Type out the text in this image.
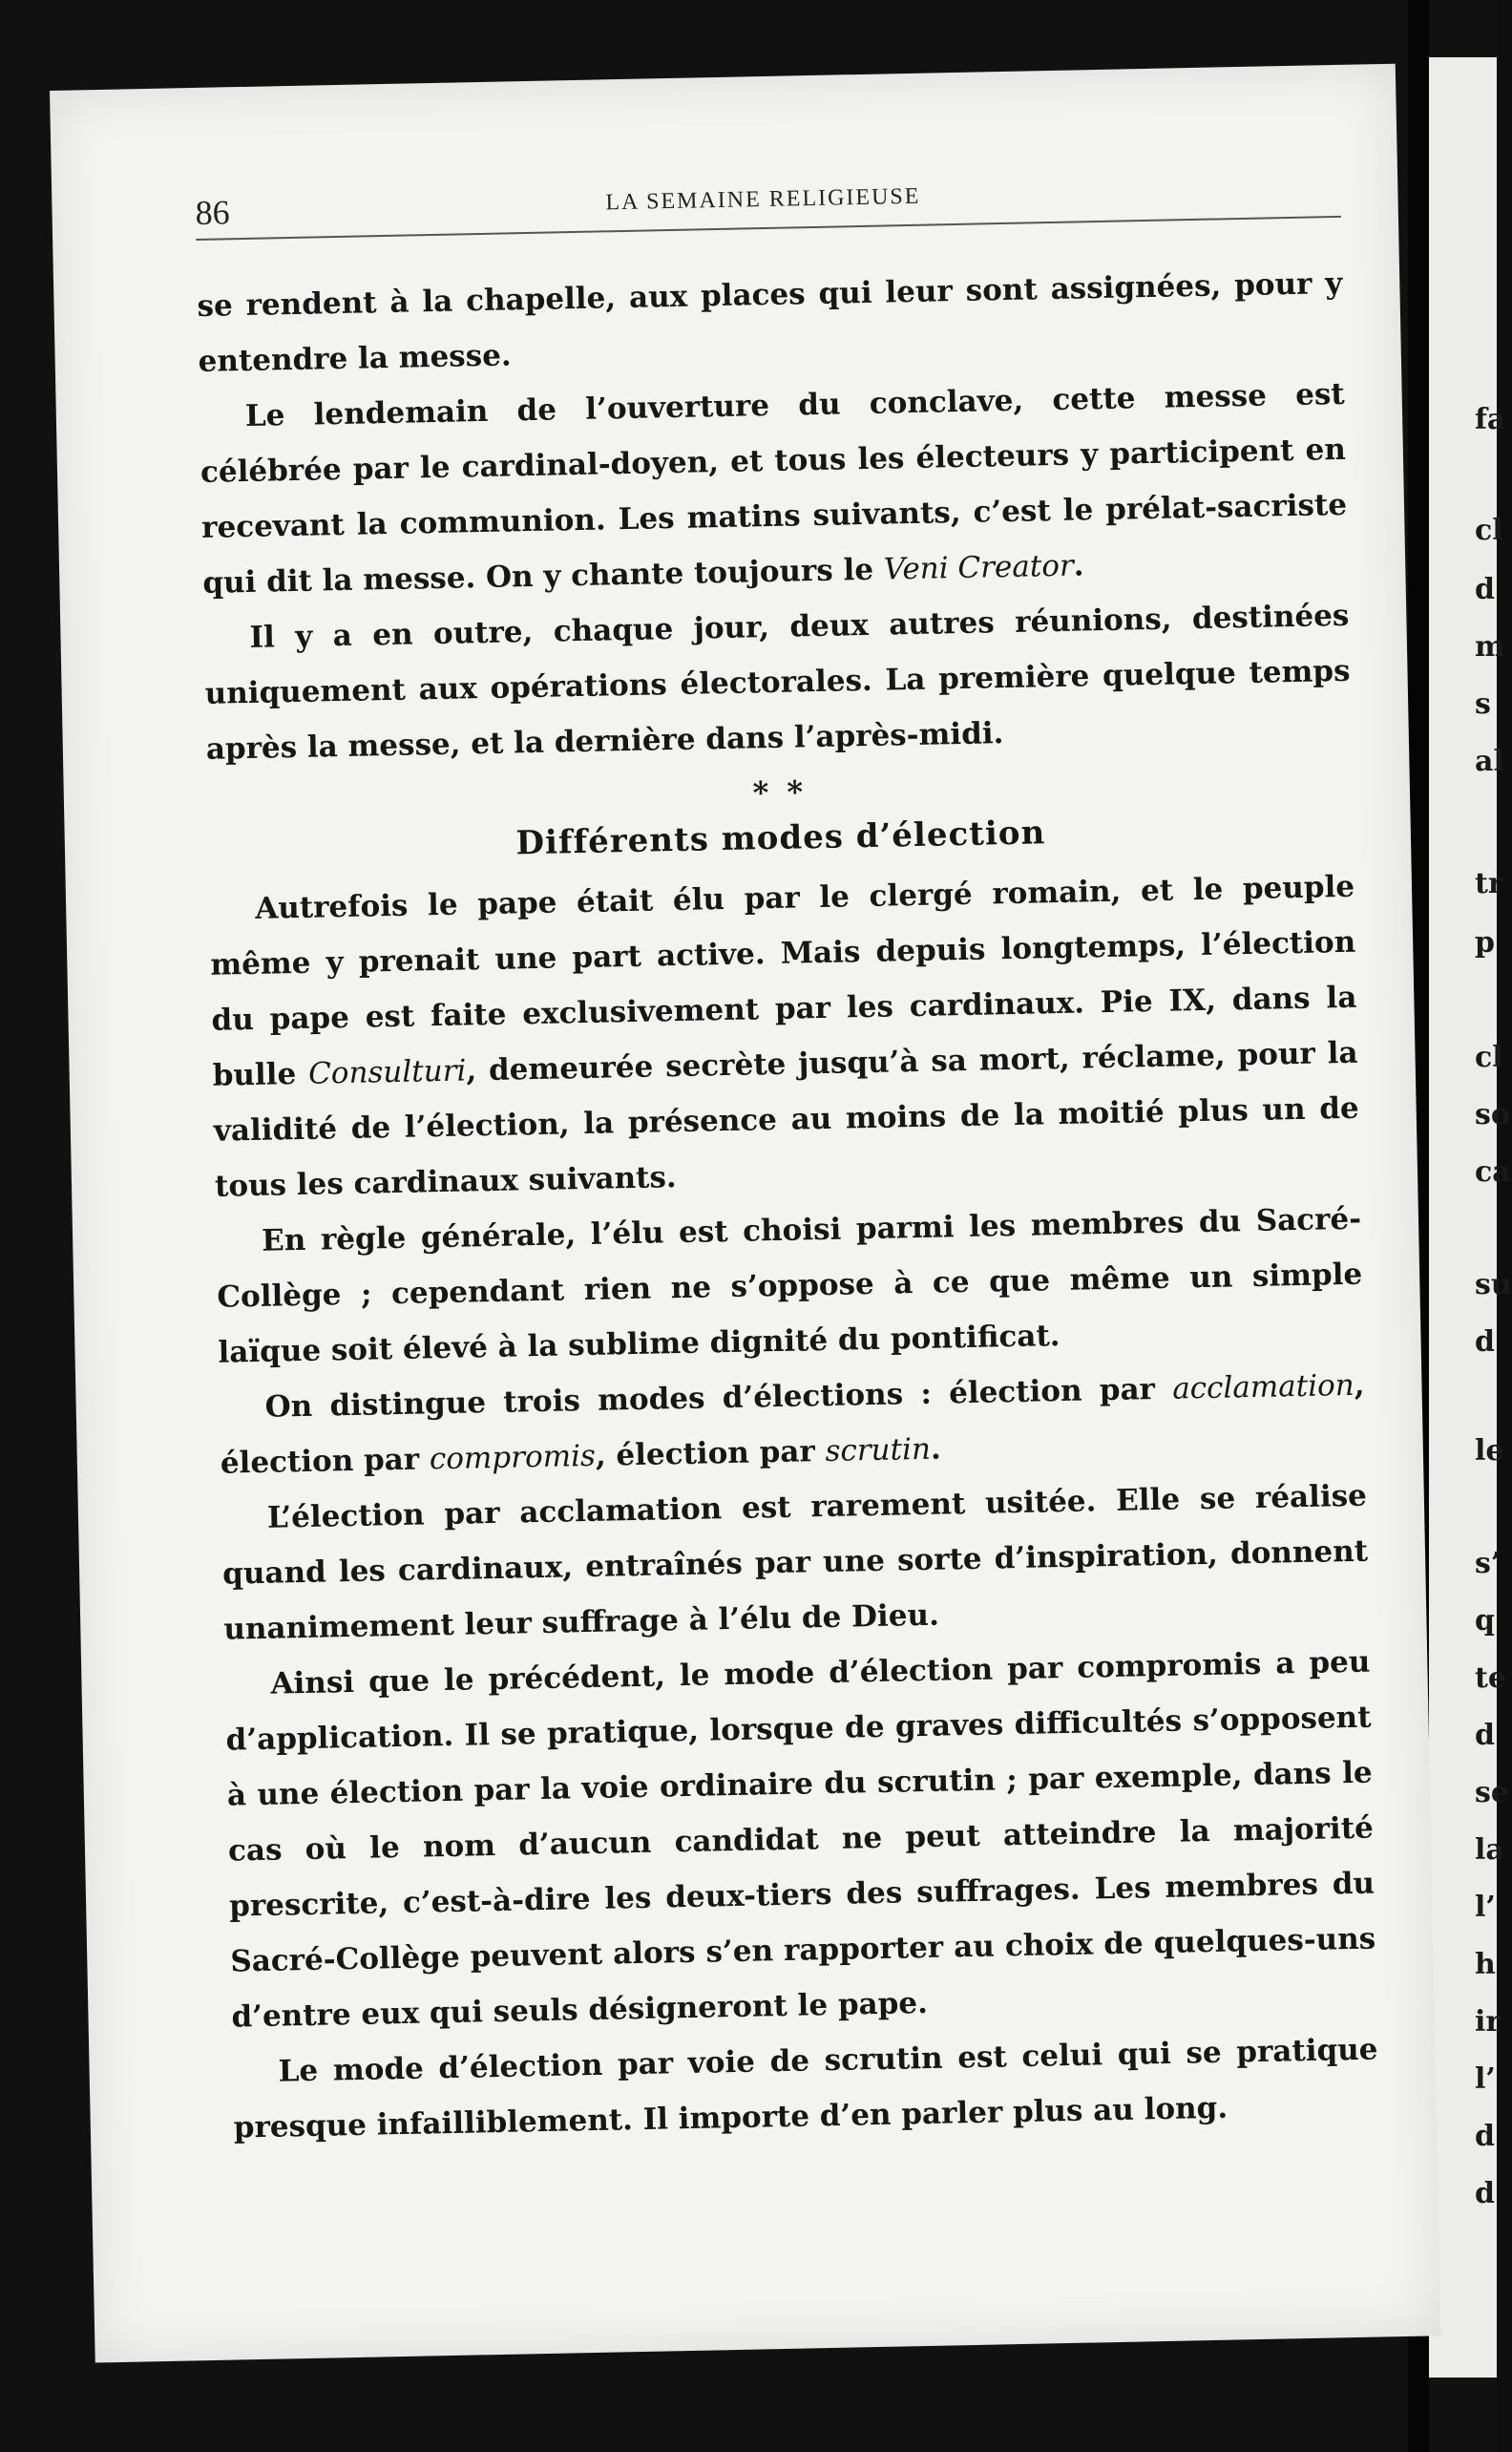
fa
cl
d
m
s
al
tr
p
cl
so
ca
su
d
le
s’
q
te
d
se
la
l’
h
ir
l’
d
d
86	LA SEMAINE RELIGIEUSE

se rendent à la chapelle, aux places qui leur sont assignées, pour y entendre la messe.

Le lendemain de l’ouverture du conclave, cette messe est célébrée par le cardinal-doyen, et tous les électeurs y participent en recevant la communion. Les matins suivants, c’est le prélat-sacriste qui dit la messe. On y chante toujours le Veni Creator.

Il y a en outre, chaque jour, deux autres réunions, destinées uniquement aux opérations électorales. La première quelque temps après la messe, et la dernière dans l’après-midi.

* *
Différents modes d’élection

Autrefois le pape était élu par le clergé romain, et le peuple même y prenait une part active. Mais depuis longtemps, l’élection du pape est faite exclusivement par les cardinaux. Pie IX, dans la bulle Consulturi, demeurée secrète jusqu’à sa mort, réclame, pour la validité de l’élection, la présence au moins de la moitié plus un de tous les cardinaux suivants.

En règle générale, l’élu est choisi parmi les membres du Sacré-Collège ; cependant rien ne s’oppose à ce que même un simple laïque soit élevé à la sublime dignité du pontificat.

On distingue trois modes d’élections : élection par acclamation, élection par compromis, élection par scrutin.

L’élection par acclamation est rarement usitée. Elle se réalise quand les cardinaux, entraînés par une sorte d’inspiration, donnent unanimement leur suffrage à l’élu de Dieu.

Ainsi que le précédent, le mode d’élection par compromis a peu d’application. Il se pratique, lorsque de graves difficultés s’opposent à une élection par la voie ordinaire du scrutin ; par exemple, dans le cas où le nom d’aucun candidat ne peut atteindre la majorité prescrite, c’est-à-dire les deux-tiers des suffrages. Les membres du Sacré-Collège peuvent alors s’en rapporter au choix de quelques-uns d’entre eux qui seuls désigneront le pape.

Le mode d’élection par voie de scrutin est celui qui se pratique presque infailliblement. Il importe d’en parler plus au long.
